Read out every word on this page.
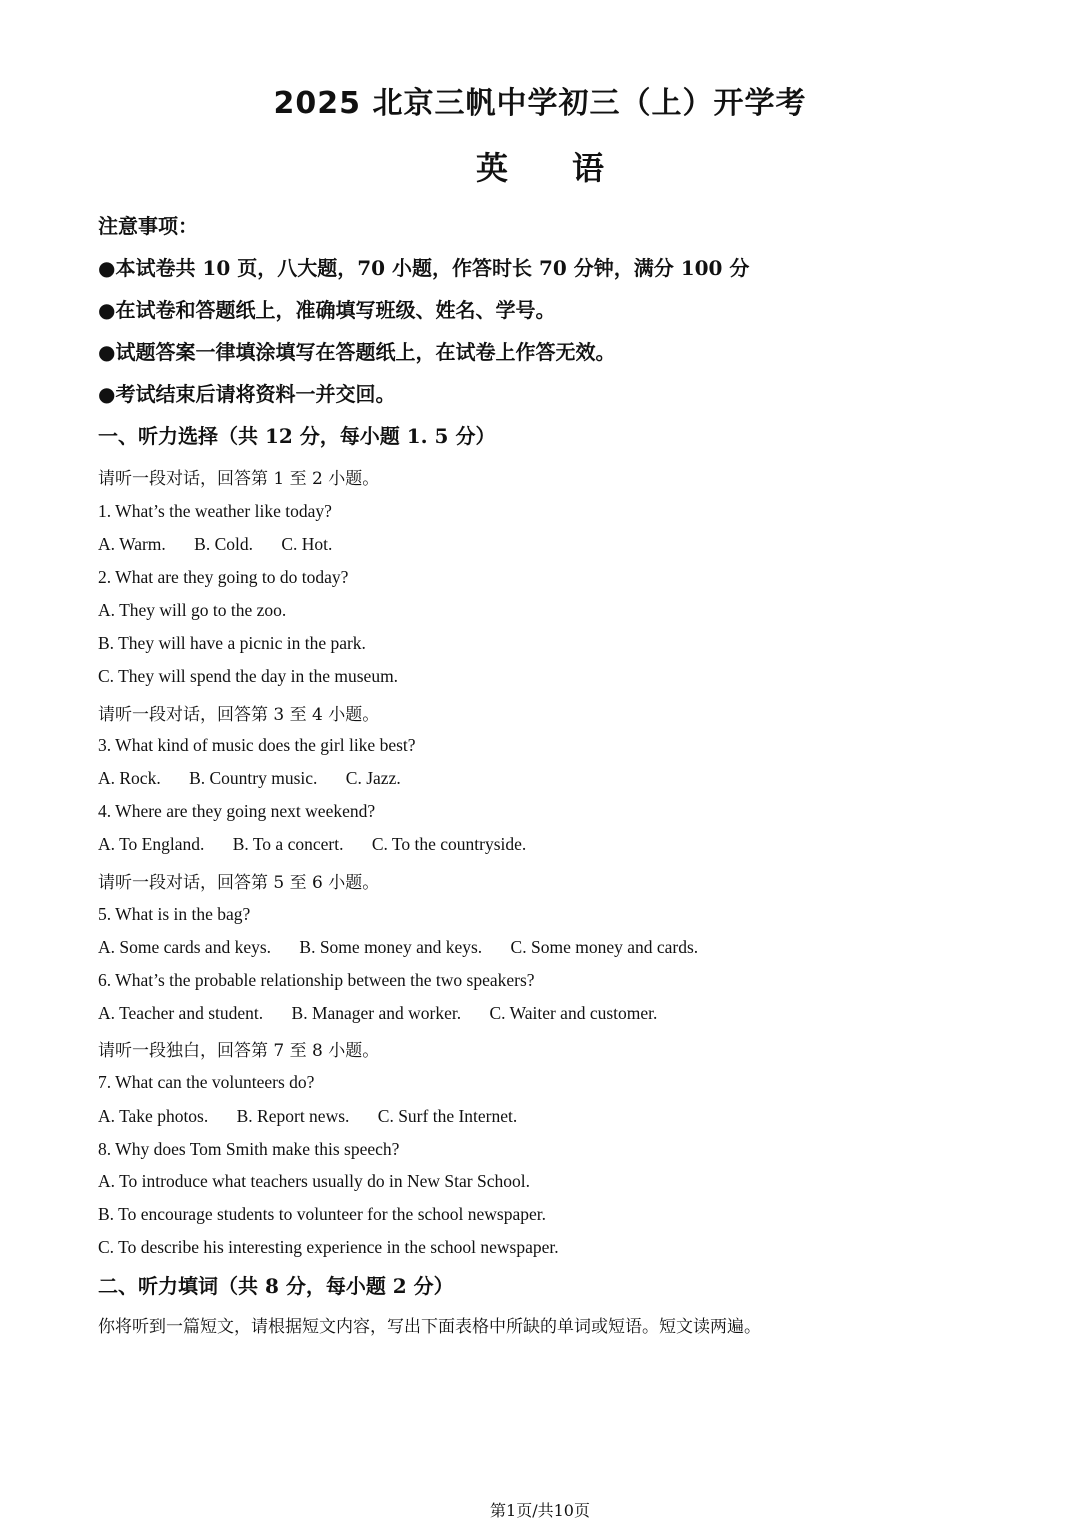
2025 北京三帆中学初三（上）开学考
英　　语
注意事项：
●本试卷共 10 页，八大题，70 小题，作答时长 70 分钟，满分 100 分
●在试卷和答题纸上，准确填写班级、姓名、学号。
●试题答案一律填涂填写在答题纸上，在试卷上作答无效。
●考试结束后请将资料一并交回。
一、听力选择（共 12 分，每小题 1. 5 分）
请听一段对话，回答第 1 至 2 小题。
1. What’s the weather like today?
A. Warm. B. Cold. C. Hot.
2. What are they going to do today?
A. They will go to the zoo.
B. They will have a picnic in the park.
C. They will spend the day in the museum.
请听一段对话，回答第 3 至 4 小题。
3. What kind of music does the girl like best?
A. Rock. B. Country music. C. Jazz.
4. Where are they going next weekend?
A. To England. B. To a concert. C. To the countryside.
请听一段对话，回答第 5 至 6 小题。
5. What is in the bag?
A. Some cards and keys. B. Some money and keys. C. Some money and cards.
6. What’s the probable relationship between the two speakers?
A. Teacher and student. B. Manager and worker. C. Waiter and customer.
请听一段独白，回答第 7 至 8 小题。
7. What can the volunteers do?
A. Take photos. B. Report news. C. Surf the Internet.
8. Why does Tom Smith make this speech?
A. To introduce what teachers usually do in New Star School.
B. To encourage students to volunteer for the school newspaper.
C. To describe his interesting experience in the school newspaper.
二、听力填词（共 8 分，每小题 2 分）
你将听到一篇短文，请根据短文内容，写出下面表格中所缺的单词或短语。短文读两遍。
第1页/共10页
